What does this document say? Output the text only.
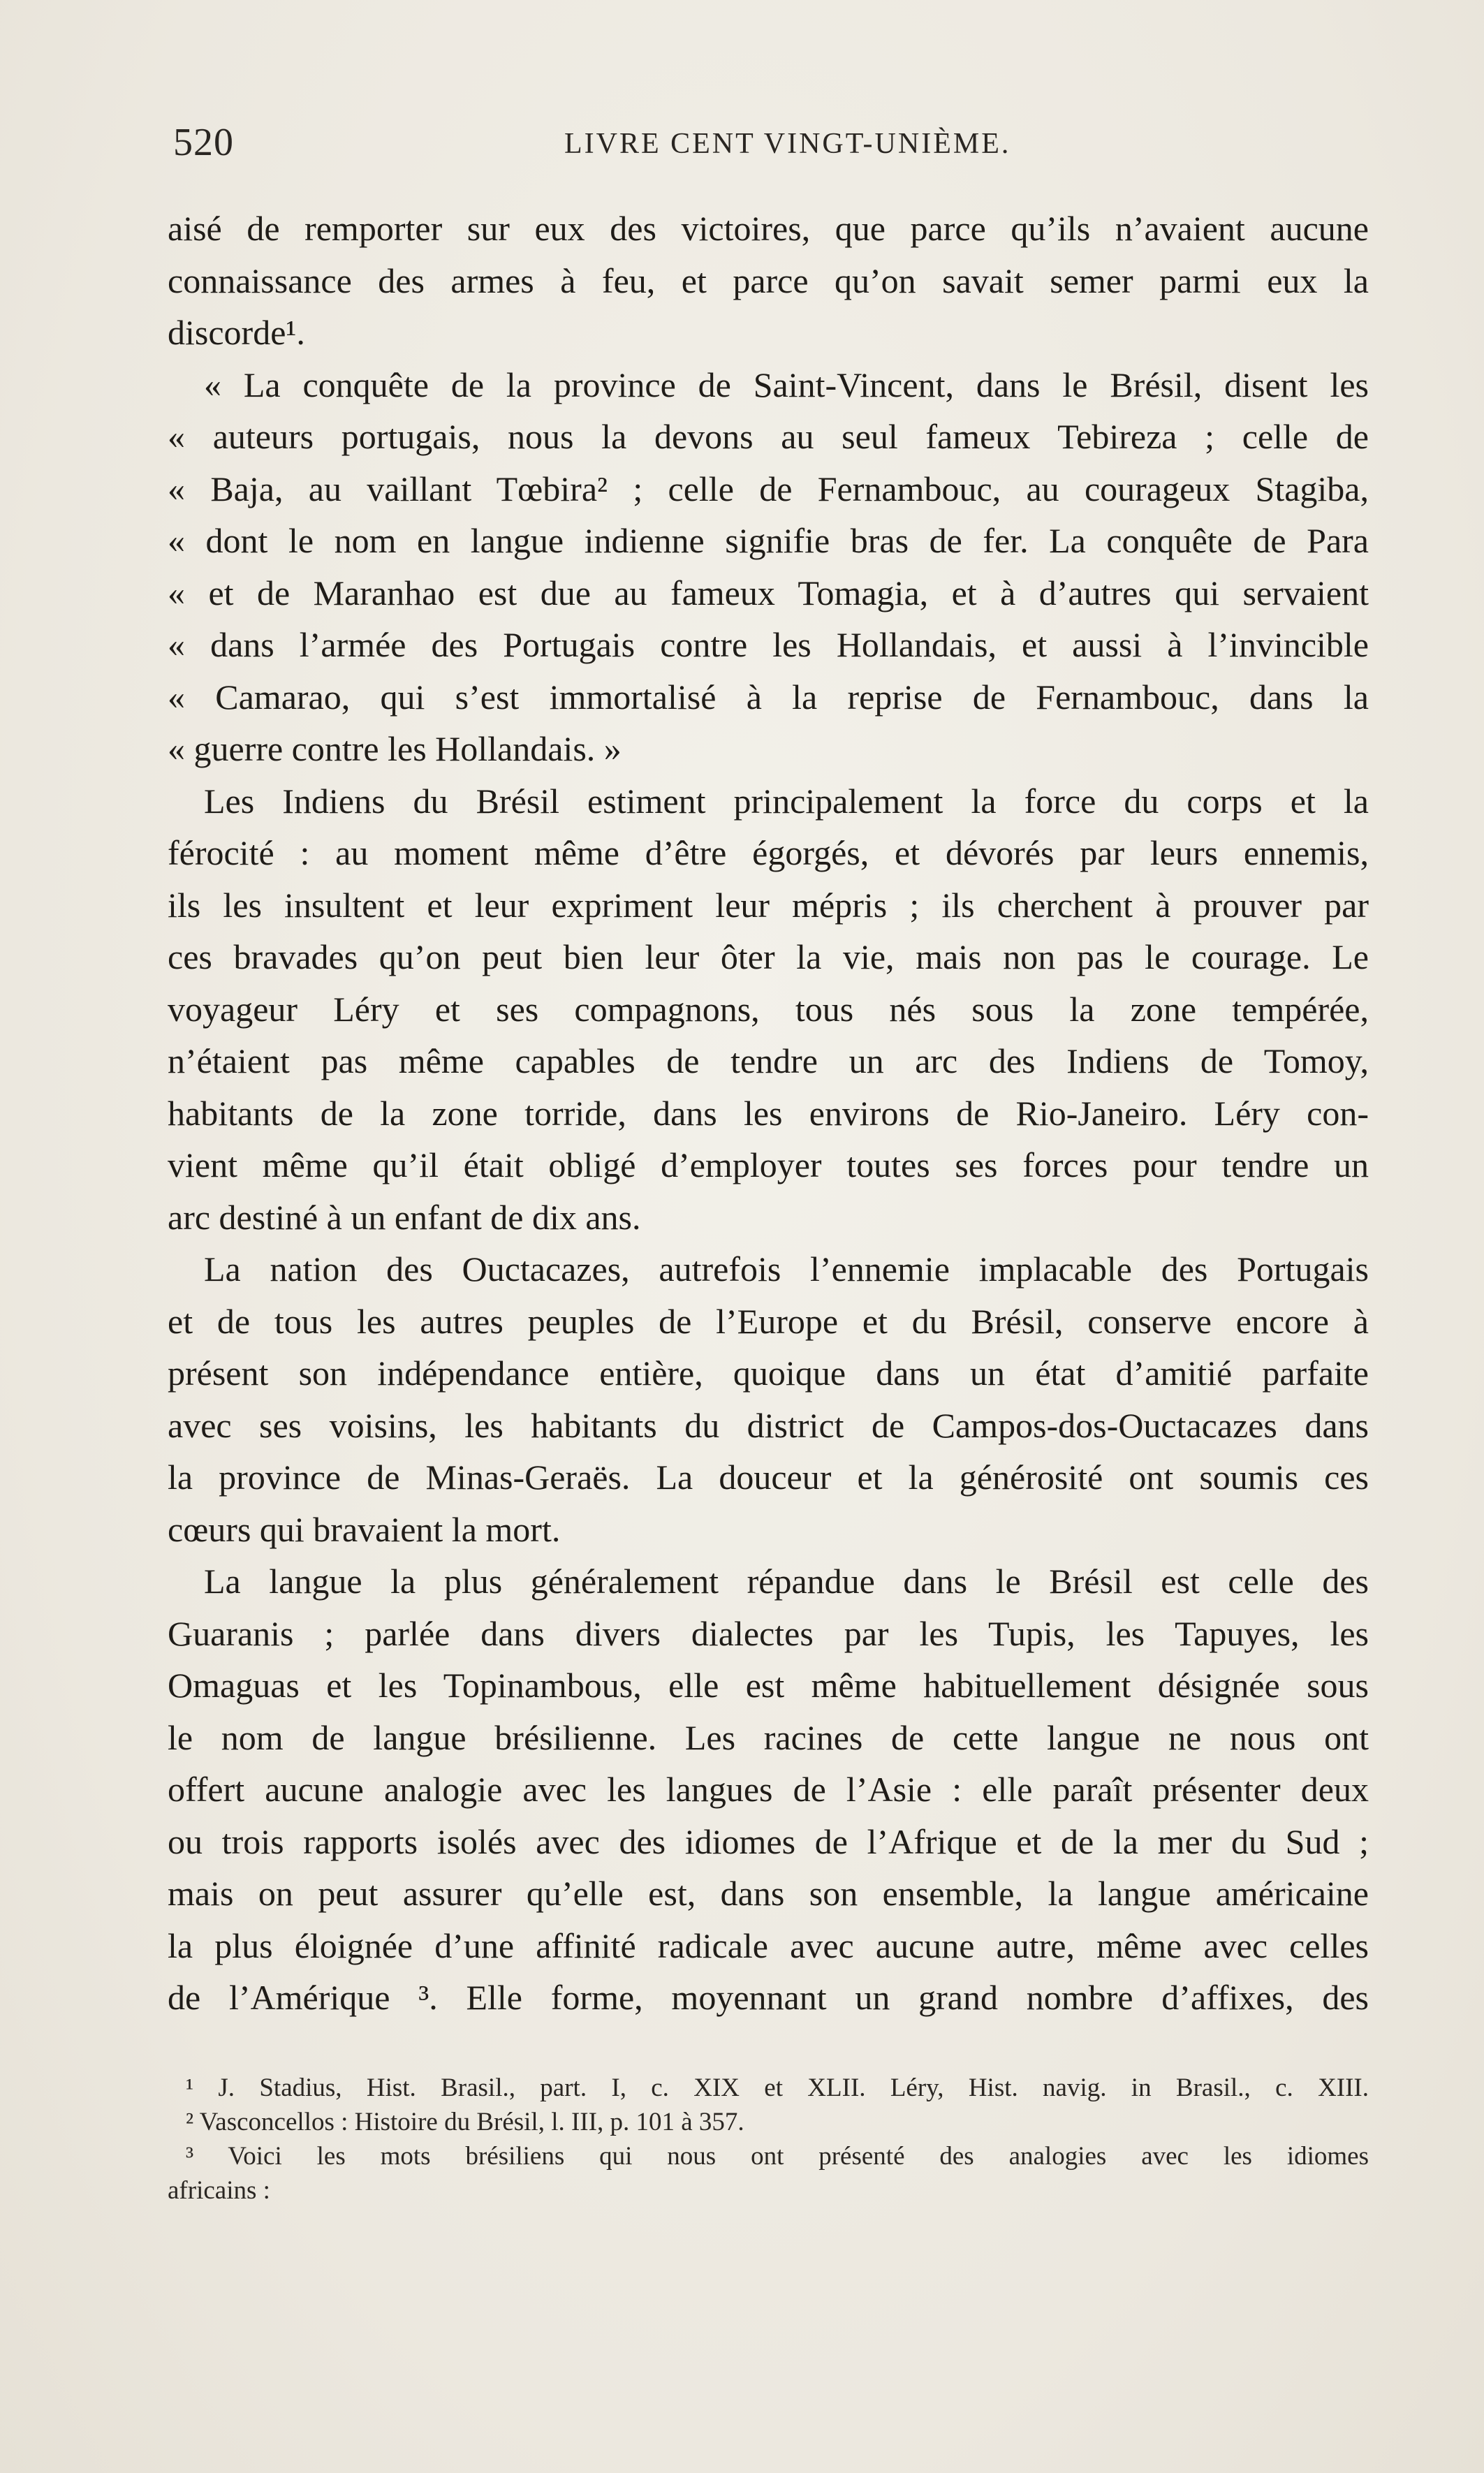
520	LIVRE CENT VINGT-UNIÈME.
aisé de remporter sur eux des victoires, que parce qu’ils n’avaient aucune
connaissance des armes à feu, et parce qu’on savait semer parmi eux la
discorde¹.
« La conquête de la province de Saint-Vincent, dans le Brésil, disent les
« auteurs portugais, nous la devons au seul fameux Tebireza ; celle de
« Baja, au vaillant Tœbira² ; celle de Fernambouc, au courageux Stagiba,
« dont le nom en langue indienne signifie bras de fer. La conquête de Para
« et de Maranhao est due au fameux Tomagia, et à d’autres qui servaient
« dans l’armée des Portugais contre les Hollandais, et aussi à l’invincible
« Camarao, qui s’est immortalisé à la reprise de Fernambouc, dans la
« guerre contre les Hollandais. »
Les Indiens du Brésil estiment principalement la force du corps et la
férocité : au moment même d’être égorgés, et dévorés par leurs ennemis,
ils les insultent et leur expriment leur mépris ; ils cherchent à prouver par
ces bravades qu’on peut bien leur ôter la vie, mais non pas le courage. Le
voyageur Léry et ses compagnons, tous nés sous la zone tempérée,
n’étaient pas même capables de tendre un arc des Indiens de Tomoy,
habitants de la zone torride, dans les environs de Rio-Janeiro. Léry con-
vient même qu’il était obligé d’employer toutes ses forces pour tendre un
arc destiné à un enfant de dix ans.
La nation des Ouctacazes, autrefois l’ennemie implacable des Portugais
et de tous les autres peuples de l’Europe et du Brésil, conserve encore à
présent son indépendance entière, quoique dans un état d’amitié parfaite
avec ses voisins, les habitants du district de Campos-dos-Ouctacazes dans
la province de Minas-Geraës. La douceur et la générosité ont soumis ces
cœurs qui bravaient la mort.
La langue la plus généralement répandue dans le Brésil est celle des
Guaranis ; parlée dans divers dialectes par les Tupis, les Tapuyes, les
Omaguas et les Topinambous, elle est même habituellement désignée sous
le nom de langue brésilienne. Les racines de cette langue ne nous ont
offert aucune analogie avec les langues de l’Asie : elle paraît présenter deux
ou trois rapports isolés avec des idiomes de l’Afrique et de la mer du Sud ;
mais on peut assurer qu’elle est, dans son ensemble, la langue américaine
la plus éloignée d’une affinité radicale avec aucune autre, même avec celles
de l’Amérique ³. Elle forme, moyennant un grand nombre d’affixes, des
¹ J. Stadius, Hist. Brasil., part. I, c. XIX et XLII. Léry, Hist. navig. in Brasil., c. XIII.
² Vasconcellos : Histoire du Brésil, l. III, p. 101 à 357.
³ Voici les mots brésiliens qui nous ont présenté des analogies avec les idiomes
africains :
